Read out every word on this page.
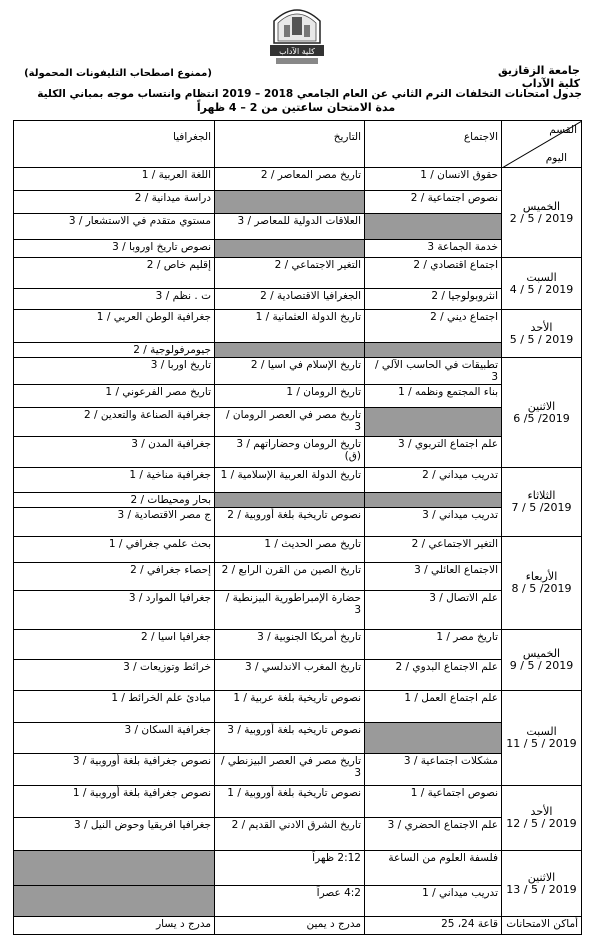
كلية الآداب
جامعة الزقازيق
كلية الآداب
(ممنوع اصطحاب التليفونات المحمولة)
جدول امتحانات التخلفات الترم الثاني عن العام الجامعي 2018 – 2019 انتظام وانتساب موجه بمباني الكلية
مدة الامتحان ساعتين من 2 – 4 ظهراً
القسم
اليوم	الاجتماع	التاريخ	الجغرافيا

الخميس
2 / 5 / 2019	حقوق الانسان / 1	تاريخ مصر المعاصر / 2	اللغة العربية / 1
	نصوص اجتماعية / 2		دراسة ميدانية / 2
		العلاقات الدولية للمعاصر / 3	مستوي متقدم في الاستشعار / 3
	خدمة الجماعة 3		نصوص تاريخ اوروبا / 3

السبت
4 / 5 / 2019	اجتماع اقتصادي / 2	التغير الاجتماعي / 2	إقليم خاص / 2
	انثروبولوجيا / 2	الجغرافيا الاقتصادية / 2	ت . نظم / 3

الأحد
5 / 5 / 2019	اجتماع ديني / 2	تاريخ الدولة العثمانية / 1	جغرافية الوطن العربي / 1
			جيومرفولوجية / 2

الاثنين
6 /5 /2019	تطبيقات في الحاسب الآلي / 3	تاريخ الإسلام في اسيا / 2	تاريخ اوربا / 3
	بناء المجتمع ونظمه / 1	تاريخ الرومان / 1	تاريخ مصر الفرعوني / 1
		تاريخ مصر في العصر الرومان / 3	جغرافية الصناعة والتعدين / 2
	علم اجتماع التربوي / 3	تاريخ الرومان وحضاراتهم / 3 (ق)	جغرافية المدن / 3

الثلاثاء
7 / 5 /2019	تدريب ميداني / 2	تاريخ الدولة العربية الإسلامية / 1	جغرافية مناخية / 1
			بحار ومحيطات / 2
	تدريب ميداني / 3	نصوص تاريخية بلغة أوروبية / 2	ج مصر الاقتصادية / 3

الأربعاء
8 / 5 /2019	التغير الاجتماعي / 2	تاريخ مصر الحديث / 1	بحث علمي جغرافي / 1
	الاجتماع العائلي / 3	تاريخ الصين من القرن الرابع / 2	إحصاء جغرافي / 2
	علم الاتصال / 3	حضارة الإمبراطورية البيزنطية / 3	جغرافيا الموارد / 3

الخميس
9 / 5 / 2019	تاريخ مصر / 1	تاريخ أمريكا الجنوبية / 3	جغرافيا اسيا / 2
	علم الاجتماع البدوي / 2	تاريخ المغرب الاندلسي / 3	خرائط وتوزيعات / 3

السبت
11 / 5 / 2019	علم اجتماع العمل / 1	نصوص تاريخية بلغة عربية / 1	مبادئ علم الخرائط / 1
		نصوص تاريخيه بلغة أوروبية / 3	جغرافية السكان / 3
	مشكلات اجتماعية / 3	تاريخ مصر في العصر البيزنطي / 3	نصوص جغرافية بلغة أوروبية / 3

الأحد
12 / 5 / 2019	نصوص اجتماعية / 1	نصوص تاريخية بلغة أوروبية / 1	نصوص جغرافية بلغة أوروبية / 1
	علم الاجتماع الحضري / 3	تاريخ الشرق الادني القديم / 2	جغرافيا افريقيا وحوض النيل / 3

الاثنين
13 / 5 / 2019	فلسفة العلوم من الساعة	2:12 ظهراً	
	تدريب ميداني / 1	4:2 عصراً	
أماكن الامتحانات	قاعة 24، 25	مدرج د يمين	مدرج د يسار
